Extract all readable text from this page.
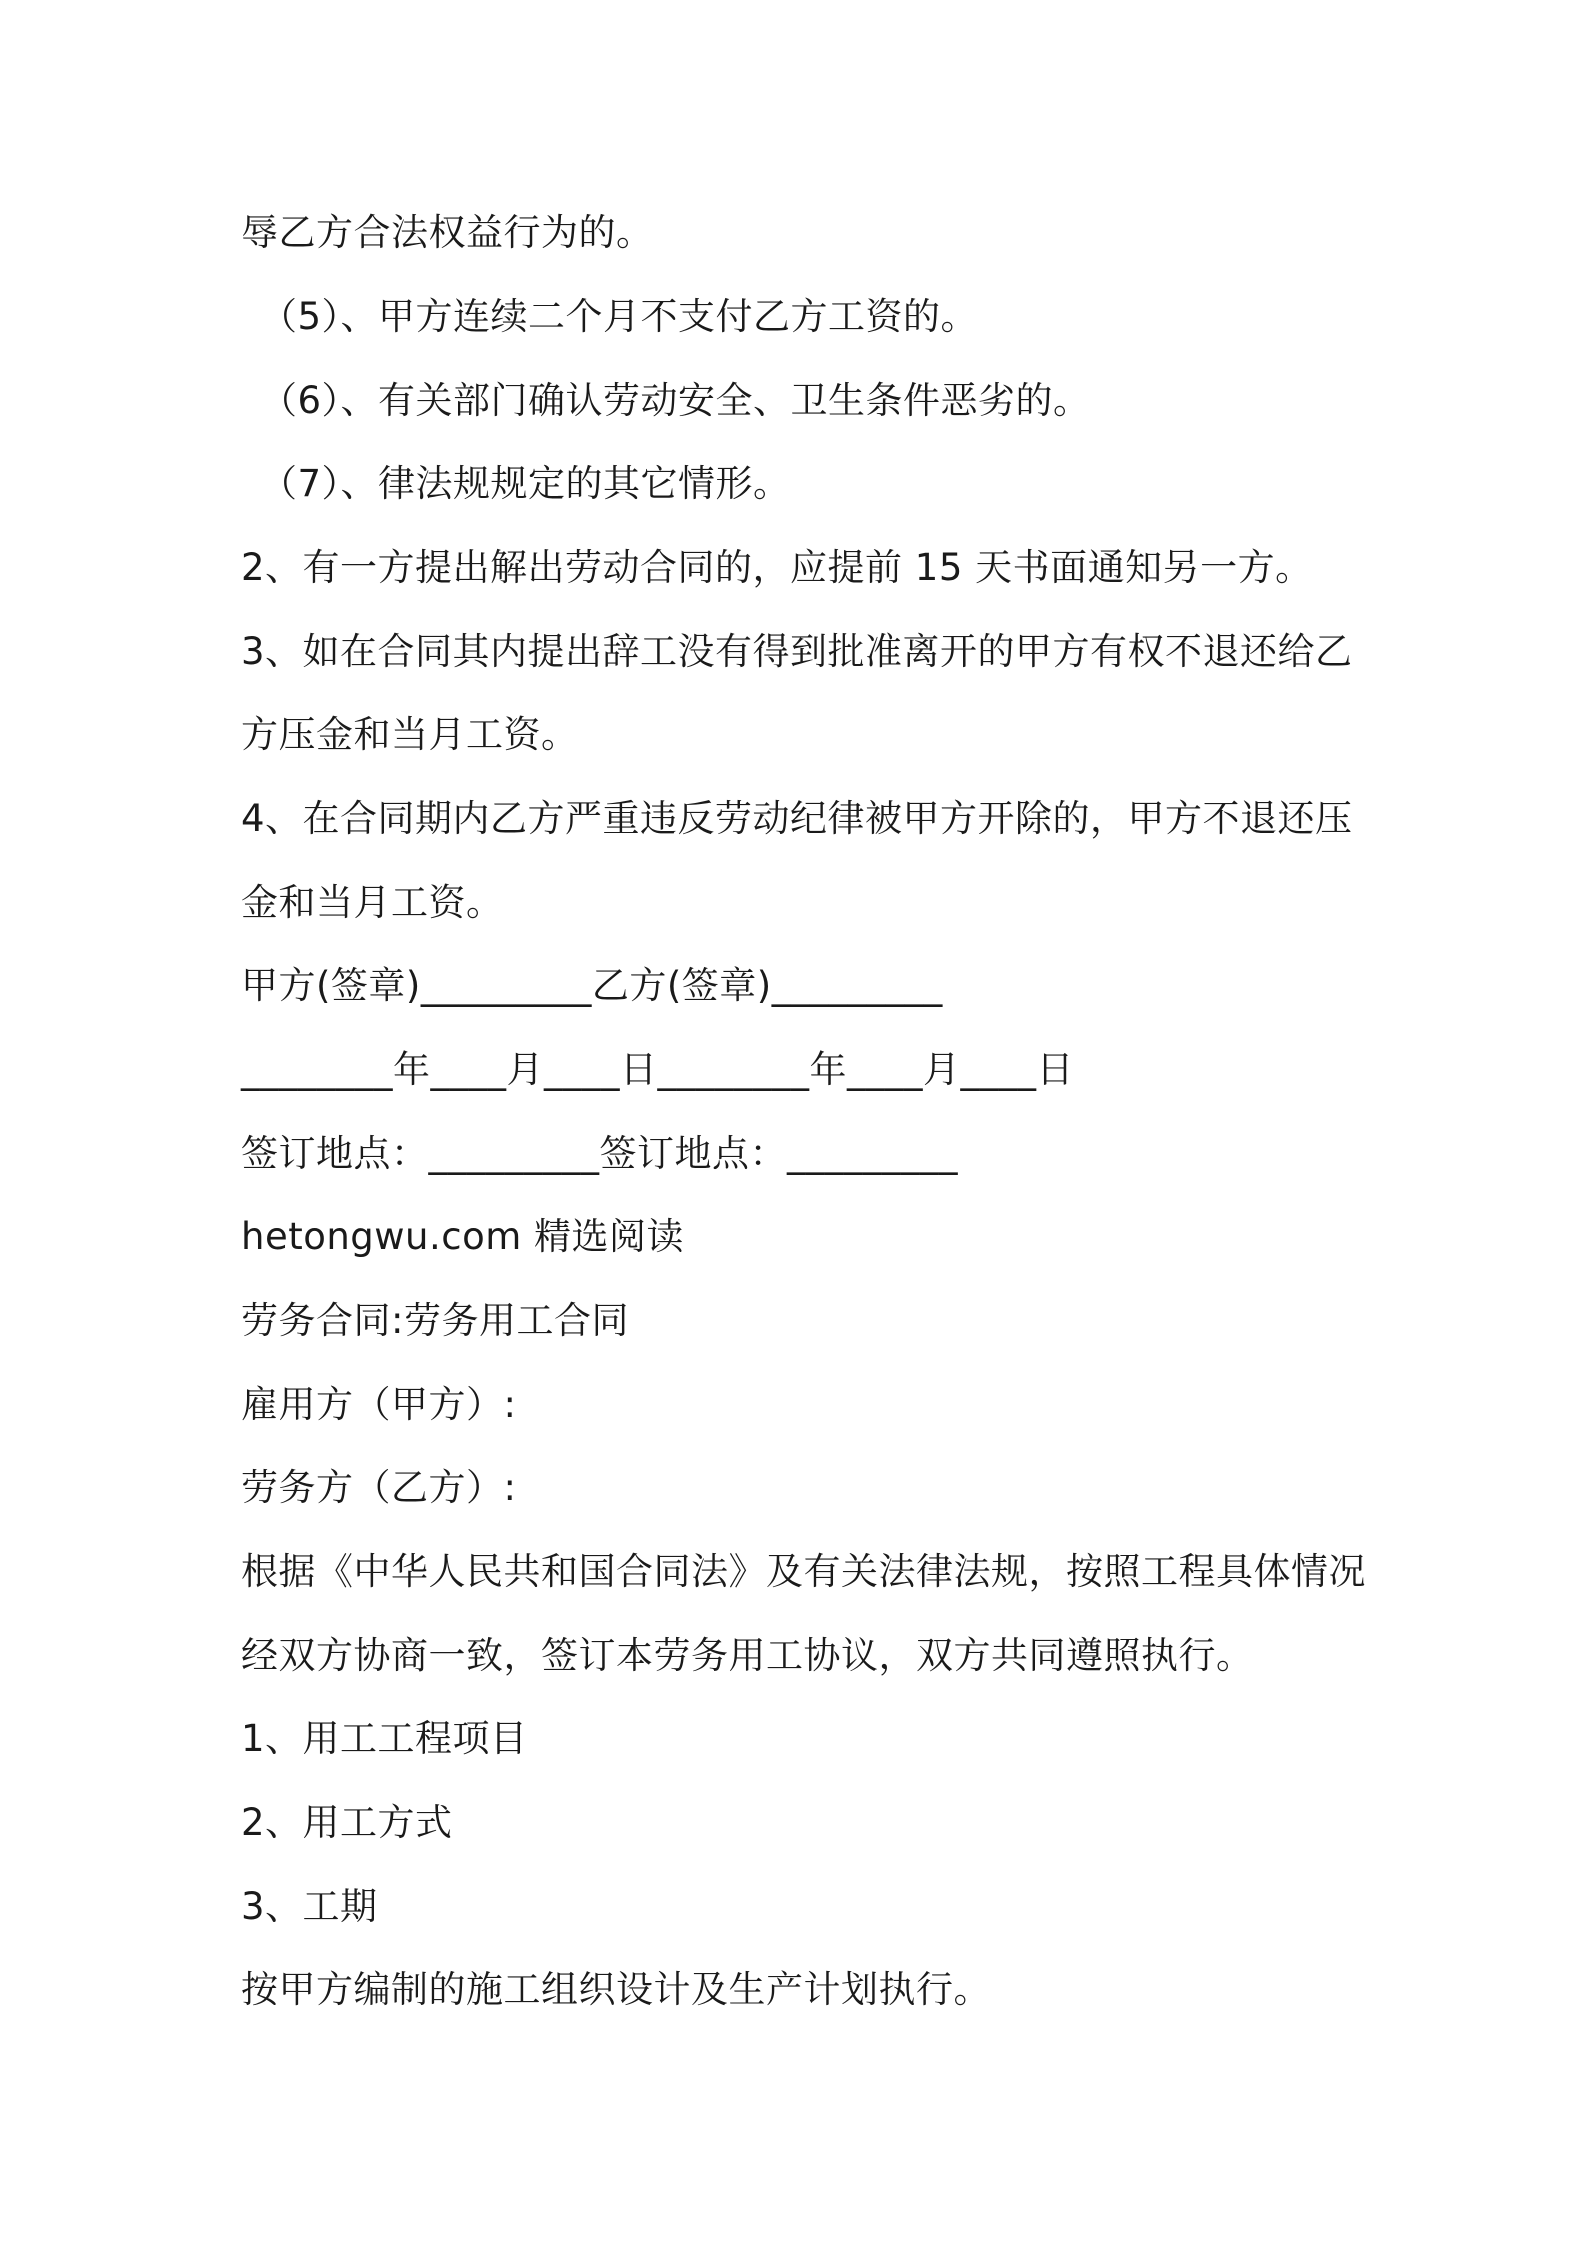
辱乙方合法权益行为的。
（5）、甲方连续二个月不支付乙方工资的。
（6）、有关部门确认劳动安全、卫生条件恶劣的。
（7）、律法规规定的其它情形。
2、有一方提出解出劳动合同的，应提前 15 天书面通知另一方。
3、如在合同其内提出辞工没有得到批准离开的甲方有权不退还给乙
方压金和当月工资。
4、在合同期内乙方严重违反劳动纪律被甲方开除的，甲方不退还压
金和当月工资。
甲方(签章)_________乙方(签章)_________
________年____月____日________年____月____日
签订地点：_________签订地点：_________
hetongwu.com 精选阅读
劳务合同:劳务用工合同
雇用方（甲方）:
劳务方（乙方）:
根据《中华人民共和国合同法》及有关法律法规，按照工程具体情况
经双方协商一致，签订本劳务用工协议，双方共同遵照执行。
1、用工工程项目
2、用工方式
3、工期
按甲方编制的施工组织设计及生产计划执行。
